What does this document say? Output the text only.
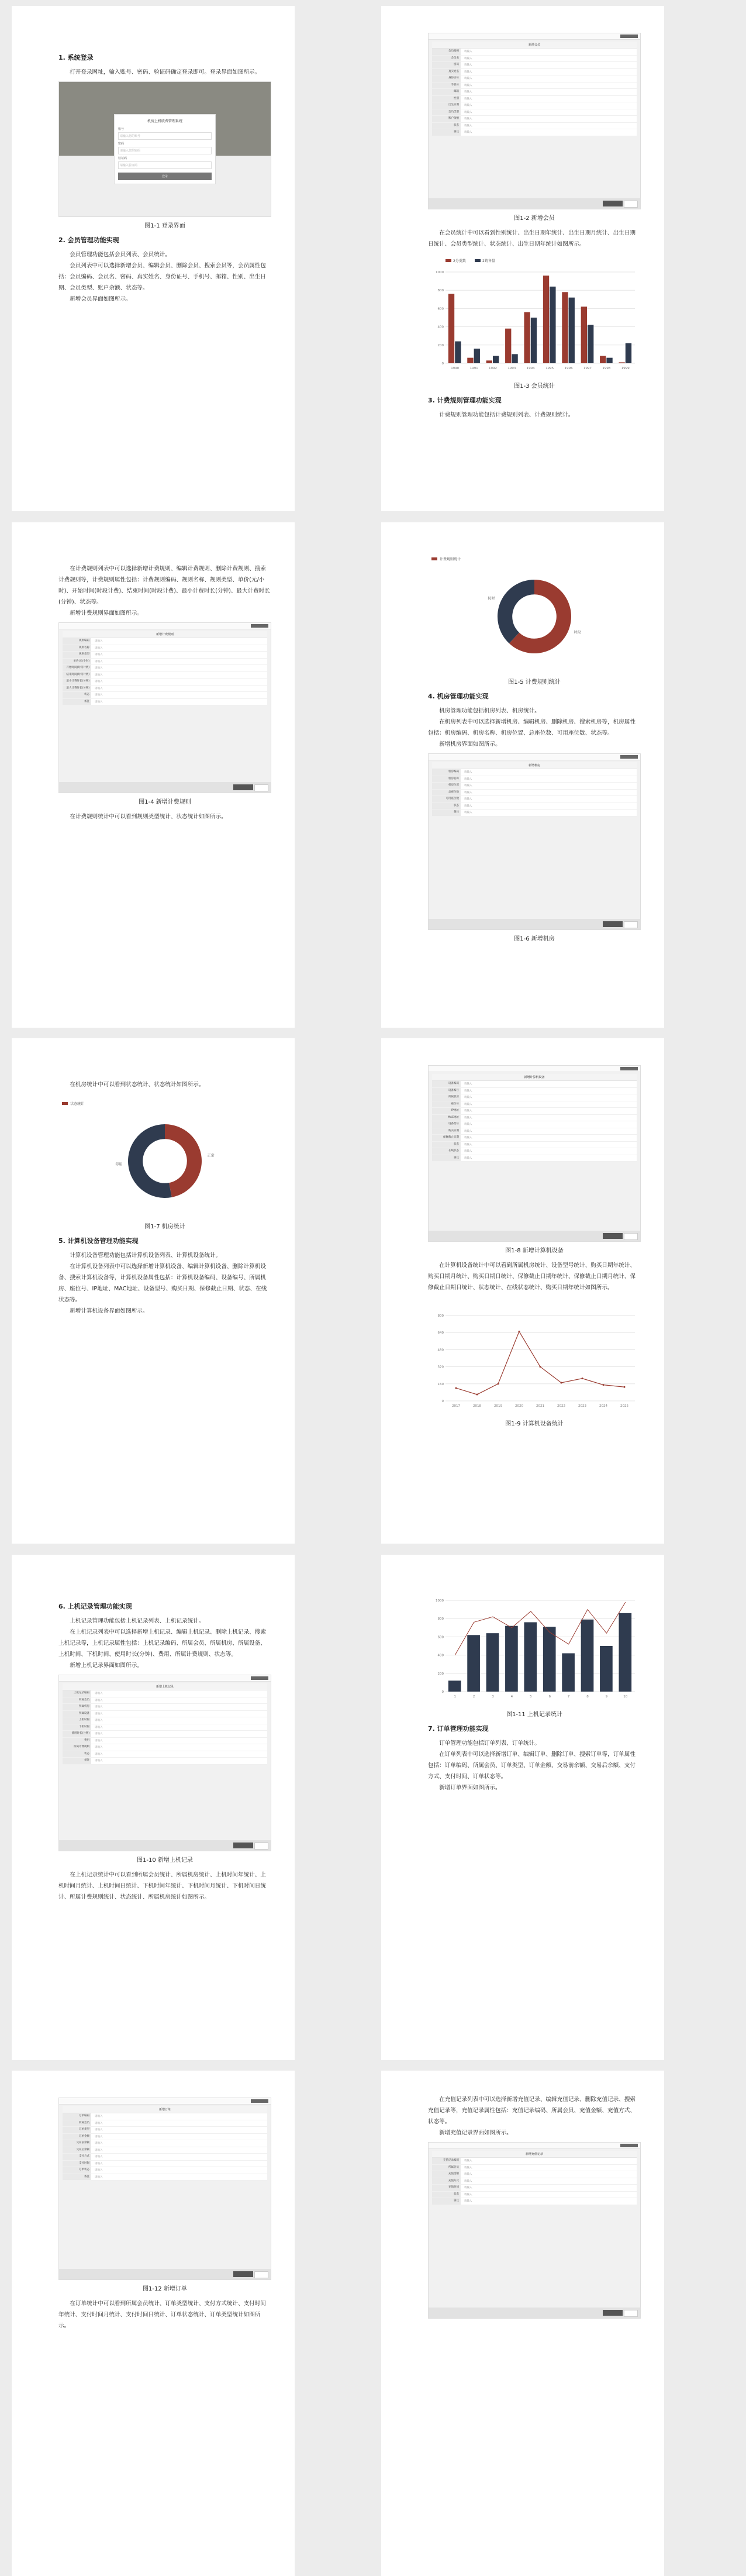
1. 系统登录
打开登录网址，输入账号、密码、验证码确定登录即可。登录界面如图所示。
机房上机收费管理系统
账号
请输入您的账号
密码
请输入您的密码
验证码
请输入验证码
登录
图1-1 登录界面
2. 会员管理功能实现
会员管理功能包括会员列表、会员统计。
会员列表中可以选择新增会员、编辑会员、删除会员、搜索会员等，会员属性包括：会员编码、会员名、密码、真实姓名、身份证号、手机号、邮箱、性别、出生日期、会员类型、账户余额、状态等。
新增会员界面如图所示。
新增会员
会员编码	请输入
会员名	请输入
密码	请输入
真实姓名	请输入
身份证号	请输入
手机号	请输入
邮箱	请输入
性别	请输入
出生日期	请输入
会员类型	请输入
账户余额	请输入
状态	请输入
备注	请输入
图1-2 新增会员
在会员统计中可以看到性别统计、出生日期年统计、出生日期月统计、出生日期日统计、会员类型统计、状态统计、出生日期年统计如图所示。
0
200
400
600
800
1000
1990	1991	1992	1993	1994	1995	1996	1997	1998	1999
2分类数	2销售量
图1-3 会员统计
3. 计费规则管理功能实现
计费规则管理功能包括计费规则列表、计费规则统计。
在计费规则列表中可以选择新增计费规则、编辑计费规则、删除计费规则、搜索计费规则等，计费规则属性包括：计费规则编码、规则名称、规则类型、单价(元/小时)、开始时间(时段计费)、结束时间(时段计费)、最小计费时长(分钟)、最大计费时长(分钟)、状态等。
新增计费规则界面如图所示。
新增计费规则
规则编码	请输入
规则名称	请输入
规则类型	请输入
单价(元/小时)	请输入
开始时间(时段计费)	请输入
结束时间(时段计费)	请输入
最小计费时长(分钟)	请输入
最大计费时长(分钟)	请输入
状态	请输入
备注	请输入
图1-4 新增计费规则
在计费规则统计中可以看到规则类型统计、状态统计如图所示。
时段
按时
计费规则统计
图1-5 计费规则统计
4. 机房管理功能实现
机房管理功能包括机房列表、机房统计。
在机房列表中可以选择新增机房、编辑机房、删除机房、搜索机房等，机房属性包括：机房编码、机房名称、机房位置、总座位数、可用座位数、状态等。
新增机房界面如图所示。
新增机房
机房编码	请输入
机房名称	请输入
机房位置	请输入
总座位数	请输入
可用座位数	请输入
状态	请输入
备注	请输入
图1-6 新增机房
在机房统计中可以看到状态统计、状态统计如图所示。
正常
停用
状态统计
图1-7 机房统计
5. 计算机设备管理功能实现
计算机设备管理功能包括计算机设备列表、计算机设备统计。
在计算机设备列表中可以选择新增计算机设备、编辑计算机设备、删除计算机设备、搜索计算机设备等，计算机设备属性包括：计算机设备编码、设备编号、所属机房、座位号、IP地址、MAC地址、设备型号、购买日期、保修截止日期、状态、在线状态等。
新增计算机设备界面如图所示。
新增计算机设备
设备编码	请输入
设备编号	请输入
所属机房	请输入
座位号	请输入
IP地址	请输入
MAC地址	请输入
设备型号	请输入
购买日期	请输入
保修截止日期	请输入
状态	请输入
在线状态	请输入
备注	请输入
图1-8 新增计算机设备
在计算机设备统计中可以看到所属机房统计、设备型号统计、购买日期年统计、购买日期月统计、购买日期日统计、保修截止日期年统计、保修截止日期月统计、保修截止日期日统计、状态统计、在线状态统计、购买日期年统计如图所示。
0
160
320
480
640
800
2017	2018	2019	2020	2021	2022	2023	2024	2025
图1-9 计算机设备统计
6. 上机记录管理功能实现
上机记录管理功能包括上机记录列表、上机记录统计。
在上机记录列表中可以选择新增上机记录、编辑上机记录、删除上机记录、搜索上机记录等，上机记录属性包括：上机记录编码、所属会员、所属机房、所属设备、上机时间、下机时间、使用时长(分钟)、费用、所属计费规则、状态等。
新增上机记录界面如图所示。
新增上机记录
上机记录编码	请输入
所属会员	请输入
所属机房	请输入
所属设备	请输入
上机时间	请输入
下机时间	请输入
使用时长(分钟)	请输入
费用	请输入
所属计费规则	请输入
状态	请输入
备注	请输入
图1-10 新增上机记录
在上机记录统计中可以看到所属会员统计、所属机房统计、上机时间年统计、上机时间月统计、上机时间日统计、下机时间年统计、下机时间月统计、下机时间日统计、所属计费规则统计、状态统计、所属机房统计如图所示。
0
200
400
600
800
1000
1	2	3	4	5	6	7	8	9	10
图1-11 上机记录统计
7. 订单管理功能实现
订单管理功能包括订单列表、订单统计。
在订单列表中可以选择新增订单、编辑订单、删除订单、搜索订单等，订单属性包括：订单编码、所属会员、订单类型、订单金额、交易前余额、交易后余额、支付方式、支付时间、订单状态等。
新增订单界面如图所示。
新增订单
订单编码	请输入
所属会员	请输入
订单类型	请输入
订单金额	请输入
交易前余额	请输入
交易后余额	请输入
支付方式	请输入
支付时间	请输入
订单状态	请输入
备注	请输入
图1-12 新增订单
在订单统计中可以看到所属会员统计、订单类型统计、支付方式统计、支付时间年统计、支付时间月统计、支付时间日统计、订单状态统计、订单类型统计如图所示。
在充值记录列表中可以选择新增充值记录、编辑充值记录、删除充值记录、搜索充值记录等，充值记录属性包括：充值记录编码、所属会员、充值金额、充值方式、状态等。
新增充值记录界面如图所示。
新增充值记录
充值记录编码	请输入
所属会员	请输入
充值金额	请输入
充值方式	请输入
充值时间	请输入
状态	请输入
备注	请输入
